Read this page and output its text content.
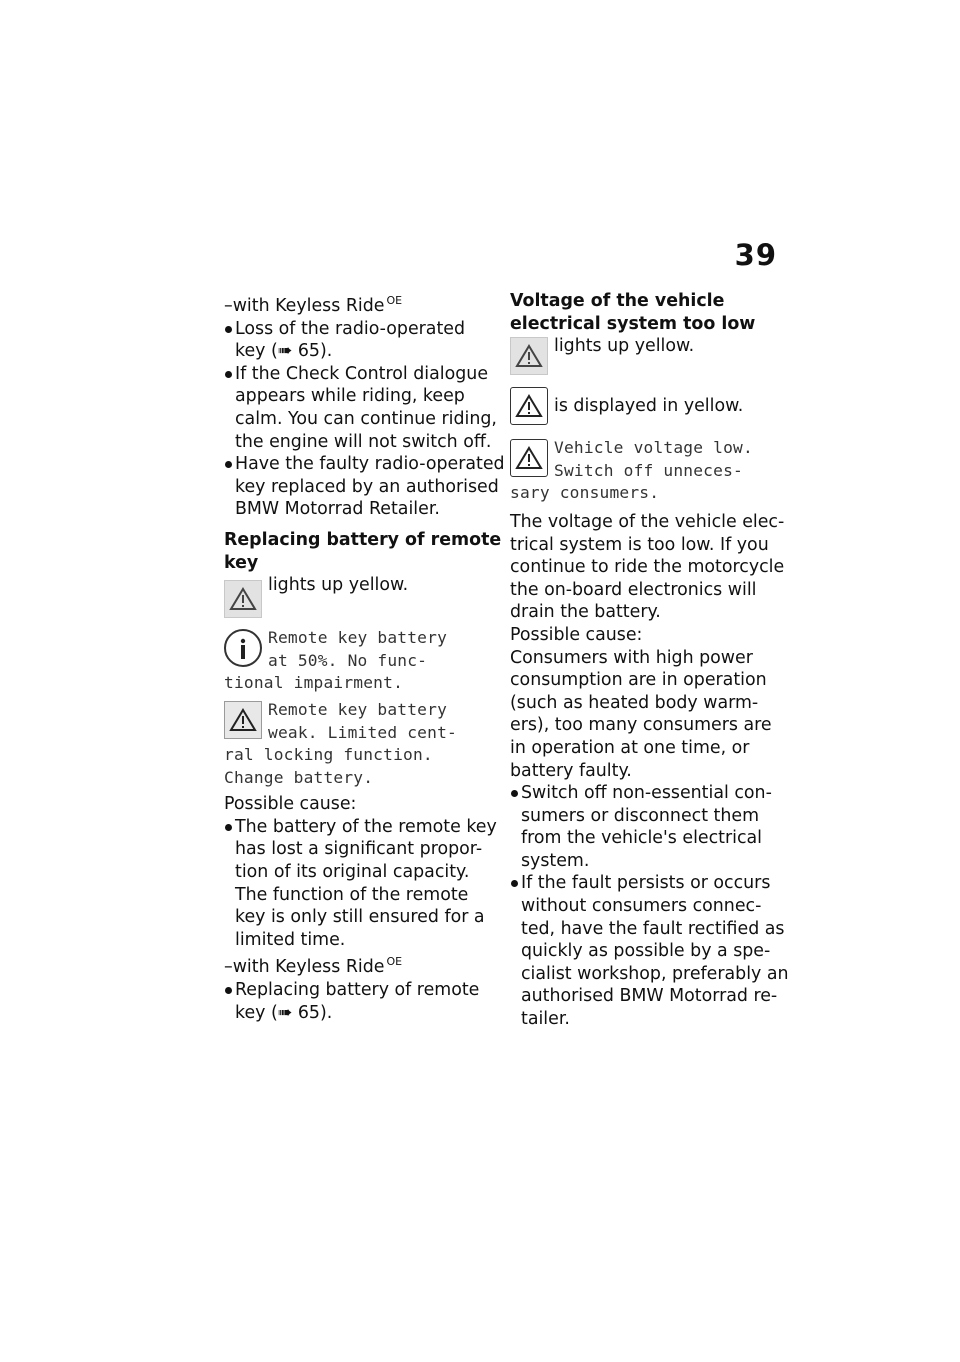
39
–with Keyless Ride $^{OE}$
Loss of the radio-operated
key (➠ 65).
If the Check Control dialogue
appears while riding, keep
calm. You can continue riding,
the engine will not switch off.
Have the faulty radio-operated
key replaced by an authorised
BMW Motorrad Retailer.
Replacing battery of remote
key
lights up yellow.
Remote key battery
at 50%. No func-
tional impairment.
Remote key battery
weak. Limited cent-
ral locking function.
Change battery.
Possible cause:
The battery of the remote key
has lost a significant propor-
tion of its original capacity.
The function of the remote
key is only still ensured for a
limited time.
–with Keyless Ride $^{OE}$
Replacing battery of remote
key (➠ 65).
Voltage of the vehicle
electrical system too low
lights up yellow.
is displayed in yellow.
Vehicle voltage low.
Switch off unneces-
sary consumers.
The voltage of the vehicle elec-
trical system is too low. If you
continue to ride the motorcycle
the on-board electronics will
drain the battery.
Possible cause:
Consumers with high power
consumption are in operation
(such as heated body warm-
ers), too many consumers are
in operation at one time, or
battery faulty.
Switch off non-essential con-
sumers or disconnect them
from the vehicle's electrical
system.
If the fault persists or occurs
without consumers connec-
ted, have the fault rectified as
quickly as possible by a spe-
cialist workshop, preferably an
authorised BMW Motorrad re-
tailer.
